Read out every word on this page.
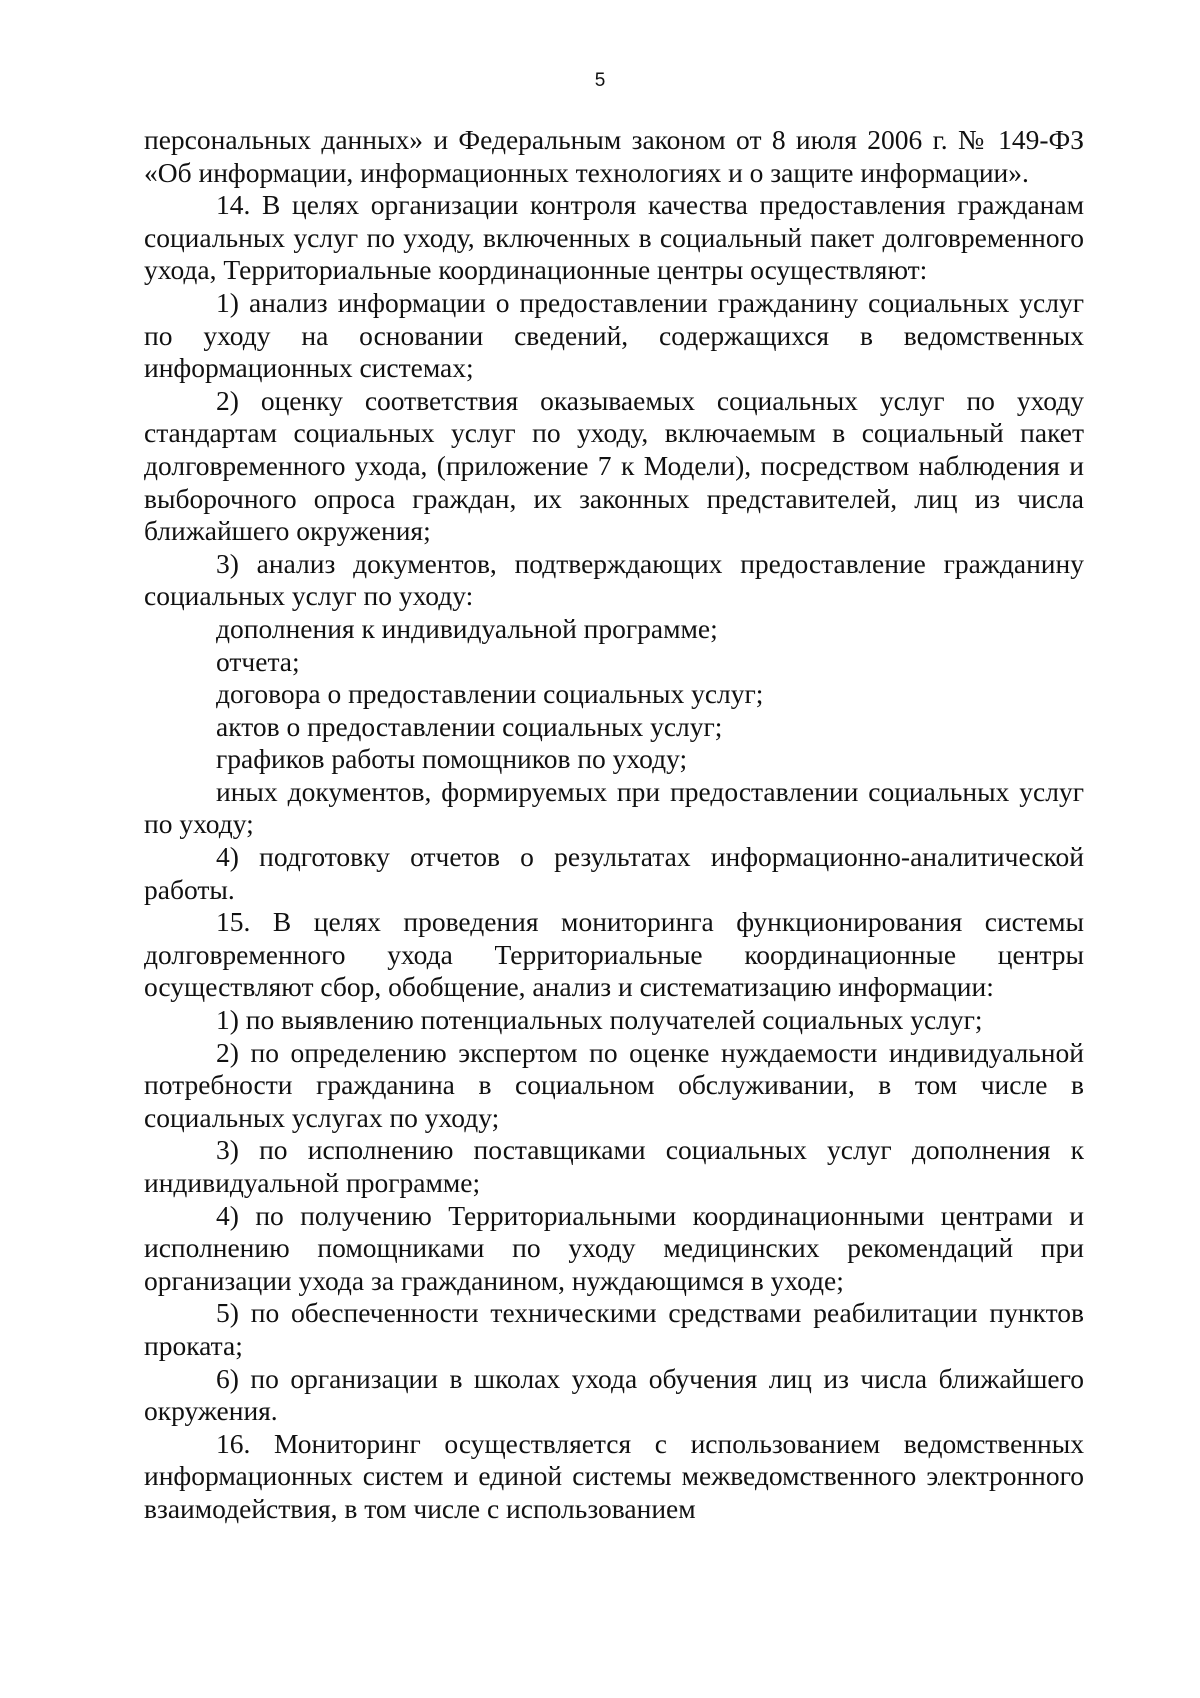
5

персональных данных» и Федеральным законом от 8 июля 2006 г. № 149-ФЗ «Об информации, информационных технологиях и о защите информации».

14. В целях организации контроля качества предоставления гражданам социальных услуг по уходу, включенных в социальный пакет долговременного ухода, Территориальные координационные центры осуществляют:

1) анализ информации о предоставлении гражданину социальных услуг по уходу на основании сведений, содержащихся в ведомственных информационных системах;

2) оценку соответствия оказываемых социальных услуг по уходу стандартам социальных услуг по уходу, включаемым в социальный пакет долговременного ухода, (приложение 7 к Модели), посредством наблюдения и выборочного опроса граждан, их законных представителей, лиц из числа ближайшего окружения;

3) анализ документов, подтверждающих предоставление гражданину социальных услуг по уходу:

дополнения к индивидуальной программе;

отчета;

договора о предоставлении социальных услуг;

актов о предоставлении социальных услуг;

графиков работы помощников по уходу;

иных документов, формируемых при предоставлении социальных услуг по уходу;

4) подготовку отчетов о результатах информационно-аналитической работы.

15. В целях проведения мониторинга функционирования системы долговременного ухода Территориальные координационные центры осуществляют сбор, обобщение, анализ и систематизацию информации:

1) по выявлению потенциальных получателей социальных услуг;

2) по определению экспертом по оценке нуждаемости индивидуальной потребности гражданина в социальном обслуживании, в том числе в социальных услугах по уходу;

3) по исполнению поставщиками социальных услуг дополнения к индивидуальной программе;

4) по получению Территориальными координационными центрами и исполнению помощниками по уходу медицинских рекомендаций при организации ухода за гражданином, нуждающимся в уходе;

5) по обеспеченности техническими средствами реабилитации пунктов проката;

6) по организации в школах ухода обучения лиц из числа ближайшего окружения.

16. Мониторинг осуществляется с использованием ведомственных информационных систем и единой системы межведомственного электронного взаимодействия, в том числе с использованием
